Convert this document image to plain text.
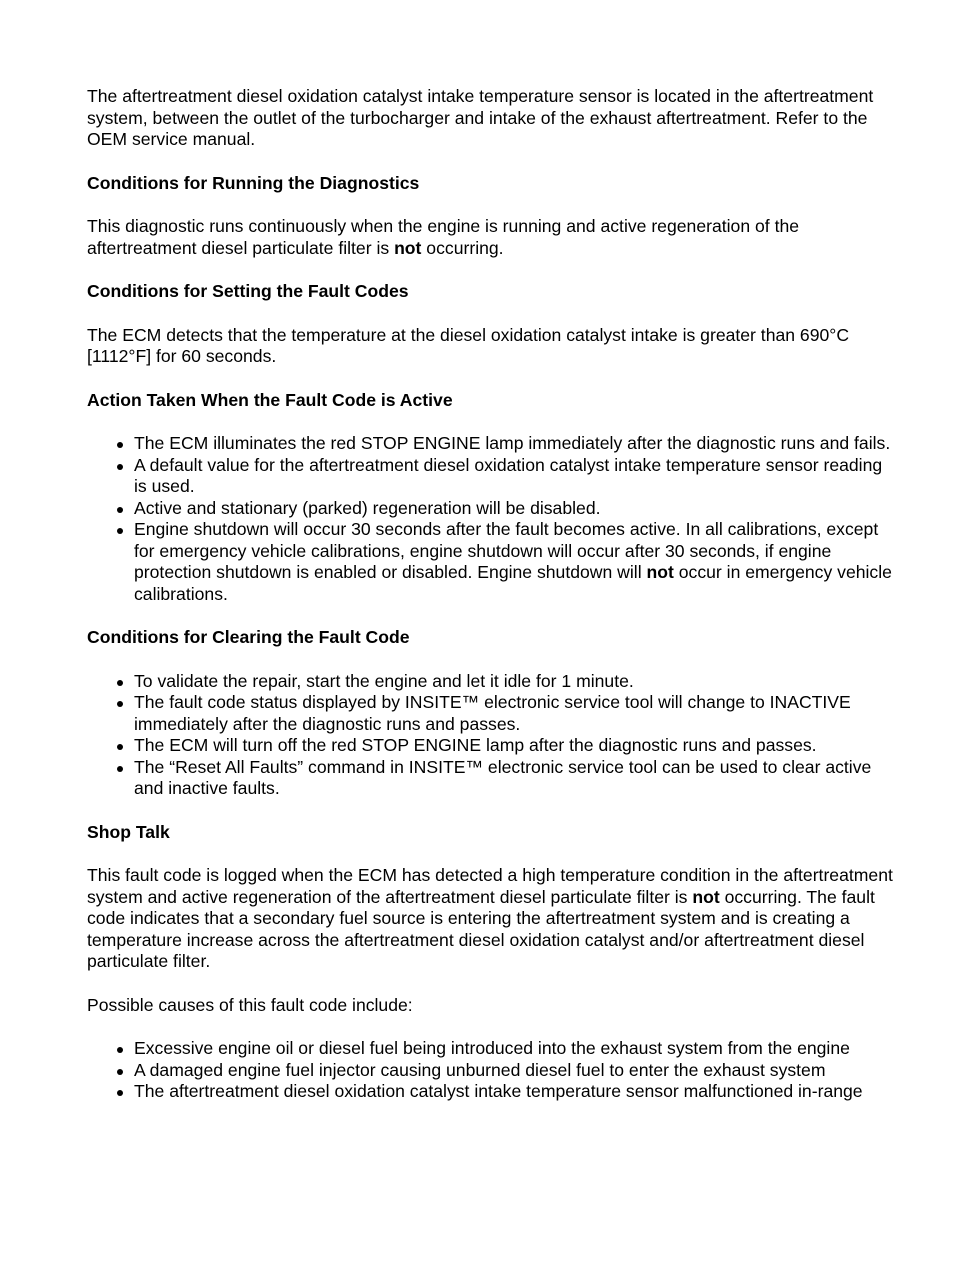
The aftertreatment diesel oxidation catalyst intake temperature sensor is located in the aftertreatment system, between the outlet of the turbocharger and intake of the exhaust aftertreatment. Refer to the OEM service manual.

Conditions for Running the Diagnostics

This diagnostic runs continuously when the engine is running and active regeneration of the aftertreatment diesel particulate filter is not occurring.

Conditions for Setting the Fault Codes

The ECM detects that the temperature at the diesel oxidation catalyst intake is greater than 690°C [1112°F] for 60 seconds.

Action Taken When the Fault Code is Active
The ECM illuminates the red STOP ENGINE lamp immediately after the diagnostic runs and fails.
A default value for the aftertreatment diesel oxidation catalyst intake temperature sensor reading is used.
Active and stationary (parked) regeneration will be disabled.
Engine shutdown will occur 30 seconds after the fault becomes active. In all calibrations, except for emergency vehicle calibrations, engine shutdown will occur after 30 seconds, if engine protection shutdown is enabled or disabled. Engine shutdown will not occur in emergency vehicle calibrations.
Conditions for Clearing the Fault Code
To validate the repair, start the engine and let it idle for 1 minute.
The fault code status displayed by INSITE™ electronic service tool will change to INACTIVE immediately after the diagnostic runs and passes.
The ECM will turn off the red STOP ENGINE lamp after the diagnostic runs and passes.
The “Reset All Faults” command in INSITE™ electronic service tool can be used to clear active and inactive faults.
Shop Talk

This fault code is logged when the ECM has detected a high temperature condition in the aftertreatment system and active regeneration of the aftertreatment diesel particulate filter is not occurring. The fault code indicates that a secondary fuel source is entering the aftertreatment system and is creating a temperature increase across the aftertreatment diesel oxidation catalyst and/or aftertreatment diesel particulate filter.

Possible causes of this fault code include:

Excessive engine oil or diesel fuel being introduced into the exhaust system from the engine
A damaged engine fuel injector causing unburned diesel fuel to enter the exhaust system
The aftertreatment diesel oxidation catalyst intake temperature sensor malfunctioned in-range
